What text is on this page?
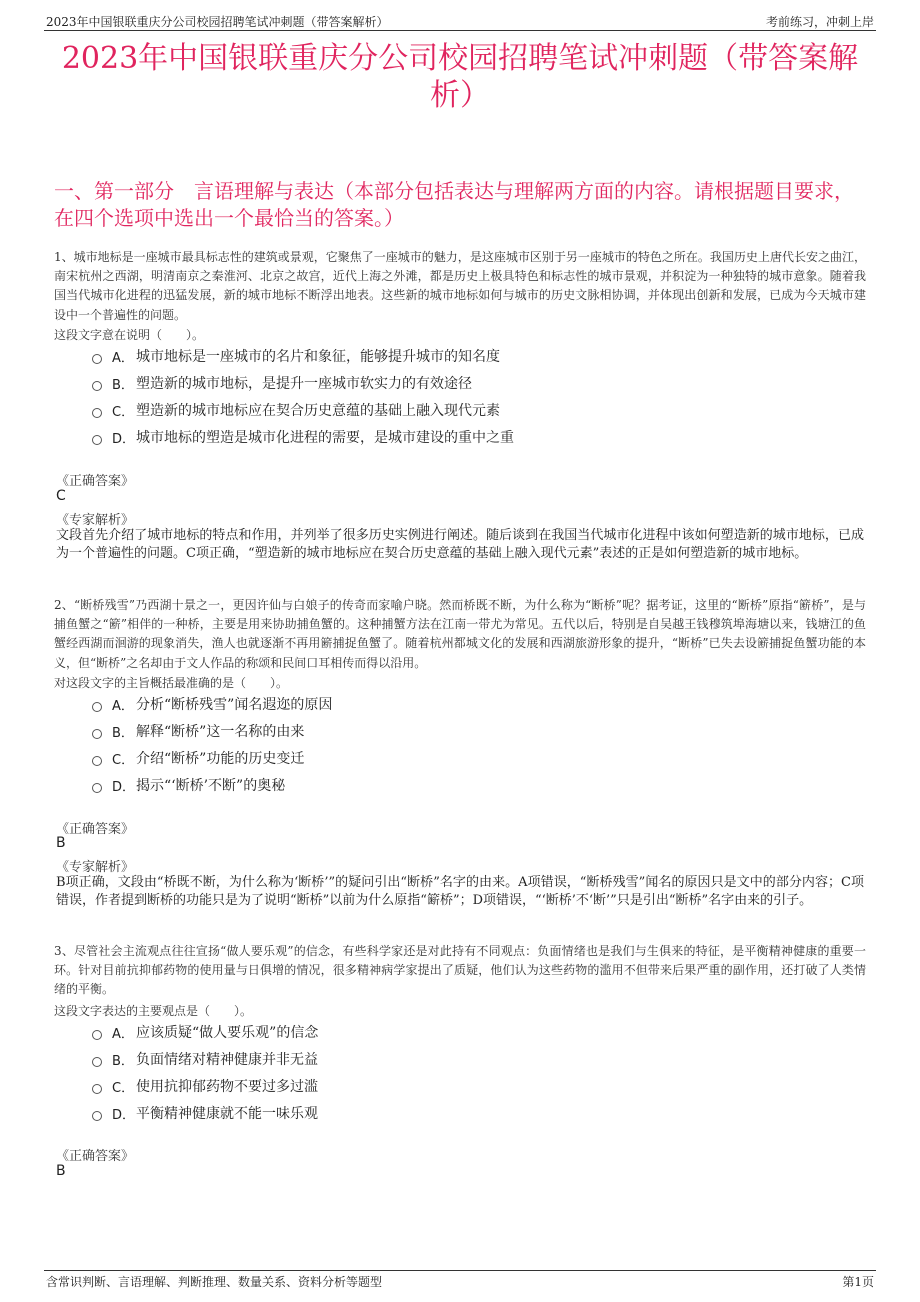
2023年中国银联重庆分公司校园招聘笔试冲刺题（带答案解析）	考前练习，冲刺上岸
2023年中国银联重庆分公司校园招聘笔试冲刺题（带答案解析）
一、第一部分　言语理解与表达（本部分包括表达与理解两方面的内容。请根据题目要求，在四个选项中选出一个最恰当的答案。）
1、城市地标是一座城市最具标志性的建筑或景观，它聚焦了一座城市的魅力，是这座城市区别于另一座城市的特色之所在。我国历史上唐代长安之曲江，南宋杭州之西湖，明清南京之秦淮河、北京之故宫，近代上海之外滩，都是历史上极具特色和标志性的城市景观，并积淀为一种独特的城市意象。随着我国当代城市化进程的迅猛发展，新的城市地标不断浮出地表。这些新的城市地标如何与城市的历史文脉相协调，并体现出创新和发展，已成为今天城市建设中一个普遍性的问题。
这段文字意在说明（　　）。
A． 城市地标是一座城市的名片和象征，能够提升城市的知名度
B． 塑造新的城市地标，是提升一座城市软实力的有效途径
C． 塑造新的城市地标应在契合历史意蕴的基础上融入现代元素
D． 城市地标的塑造是城市化进程的需要，是城市建设的重中之重
《正确答案》
C
《专家解析》
文段首先介绍了城市地标的特点和作用，并列举了很多历史实例进行阐述。随后谈到在我国当代城市化进程中该如何塑造新的城市地标，已成为一个普遍性的问题。C项正确，“塑造新的城市地标应在契合历史意蕴的基础上融入现代元素”表述的正是如何塑造新的城市地标。
2、“断桥残雪”乃西湖十景之一，更因许仙与白娘子的传奇而家喻户晓。然而桥既不断，为什么称为“断桥”呢？据考证，这里的“断桥”原指“簖桥”，是与捕鱼蟹之“簖”相伴的一种桥，主要是用来协助捕鱼蟹的。这种捕蟹方法在江南一带尤为常见。五代以后，特别是自吴越王钱穆筑埠海塘以来，钱塘江的鱼蟹经西湖而洄游的现象消失，渔人也就逐渐不再用簖捕捉鱼蟹了。随着杭州都城文化的发展和西湖旅游形象的提升，“断桥”已失去设簖捕捉鱼蟹功能的本义，但“断桥”之名却由于文人作品的称颂和民间口耳相传而得以沿用。
对这段文字的主旨概括最准确的是（　　）。
A． 分析“断桥残雪”闻名遐迩的原因
B． 解释“断桥”这一名称的由来
C． 介绍“断桥”功能的历史变迁
D． 揭示“‘断桥’不断”的奥秘
《正确答案》
B
《专家解析》
B项正确，文段由“桥既不断，为什么称为‘断桥’”的疑问引出“断桥”名字的由来。A项错误，“断桥残雪”闻名的原因只是文中的部分内容；C项错误，作者提到断桥的功能只是为了说明“断桥”以前为什么原指“簖桥”；D项错误，“‘断桥’不‘断’”只是引出“断桥”名字由来的引子。
3、尽管社会主流观点往往宣扬“做人要乐观”的信念，有些科学家还是对此持有不同观点：负面情绪也是我们与生俱来的特征，是平衡精神健康的重要一环。针对目前抗抑郁药物的使用量与日俱增的情况，很多精神病学家提出了质疑，他们认为这些药物的滥用不但带来后果严重的副作用，还打破了人类情绪的平衡。
这段文字表达的主要观点是（　　）。
A． 应该质疑“做人要乐观”的信念
B． 负面情绪对精神健康并非无益
C． 使用抗抑郁药物不要过多过滥
D． 平衡精神健康就不能一味乐观
《正确答案》
B
含常识判断、言语理解、判断推理、数量关系、资料分析等题型	第1页
